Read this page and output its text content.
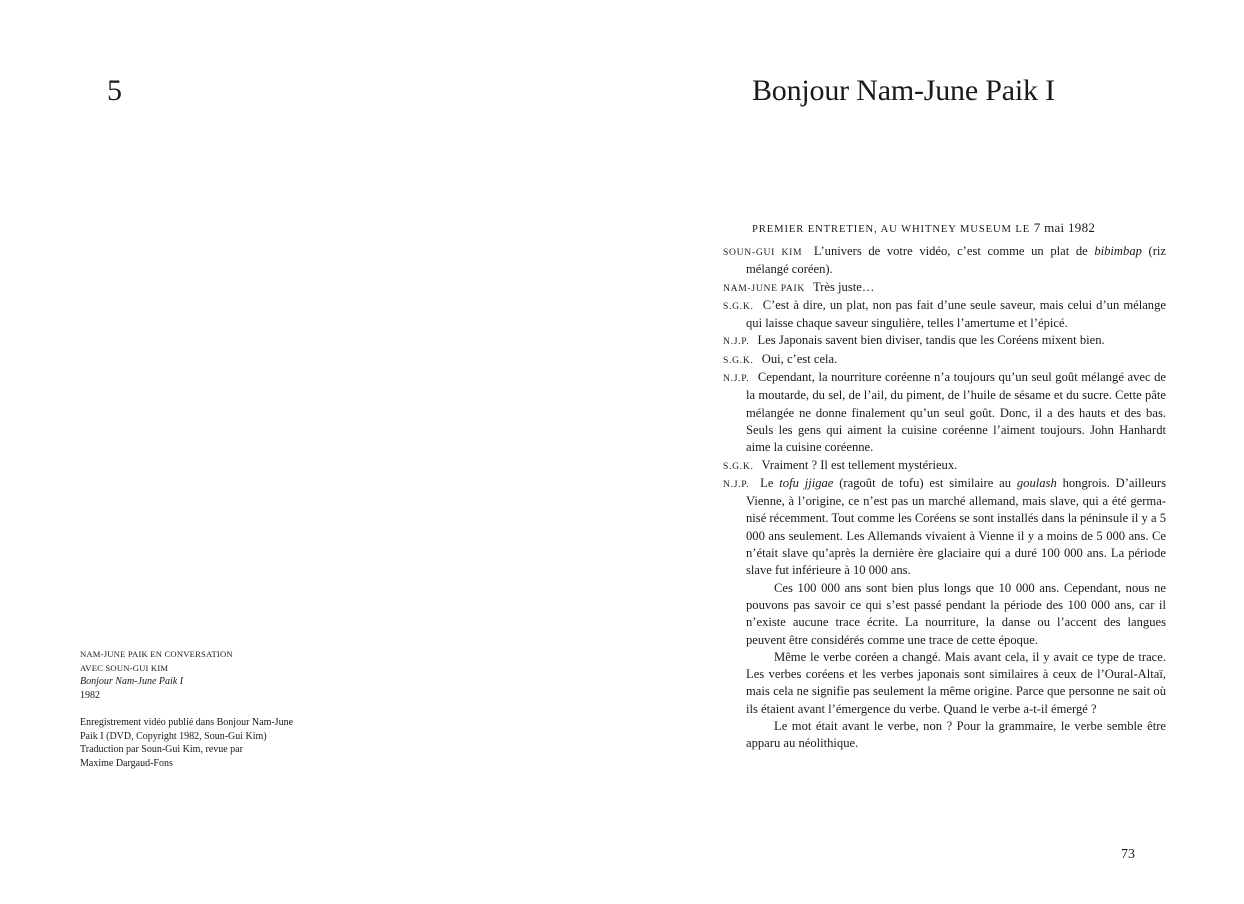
5	Bonjour Nam-June Paik I
NAM-JUNE PAIK EN CONVERSATION
AVEC SOUN-GUI KIM
Bonjour Nam-June Paik I
1982
Enregistrement vidéo publié dans Bonjour Nam-June
Paik I (DVD, Copyright 1982, Soun-Gui Kim)
Traduction par Soun-Gui Kim, revue par
Maxime Dargaud-Fons
PREMIER ENTRETIEN, AU WHITNEY MUSEUM LE 7 mai 1982

SOUN-GUI KIM L’univers de votre vidéo, c’est comme un plat de bibimbap (riz mélangé coréen).

NAM-JUNE PAIK Très juste…

S.G.K. C’est à dire, un plat, non pas fait d’une seule saveur, mais celui d’un mélange qui laisse chaque saveur singulière, telles l’amertume et l’épicé.

N.J.P. Les Japonais savent bien diviser, tandis que les Coréens mixent bien.

S.G.K. Oui, c’est cela.

N.J.P. Cependant, la nourriture coréenne n’a toujours qu’un seul goût mélangé avec de la moutarde, du sel, de l’ail, du piment, de l’huile de sésame et du sucre. Cette pâte mélangée ne donne finalement qu’un seul goût. Donc, il a des hauts et des bas. Seuls les gens qui aiment la cuisine coréenne l’aiment toujours. John Hanhardt aime la cuisine coréenne.

S.G.K. Vraiment ? Il est tellement mystérieux.

N.J.P. Le tofu jjigae (ragoût de tofu) est similaire au goulash hongrois. D’ailleurs Vienne, à l’origine, ce n’est pas un marché allemand, mais slave, qui a été germanisé récemment. Tout comme les Coréens se sont installés dans la péninsule il y a 5 000 ans seulement. Les Allemands vivaient à Vienne il y a moins de 5 000 ans. Ce n’était slave qu’après la dernière ère glaciaire qui a duré 100 000 ans. La période slave fut inférieure à 10 000 ans.

Ces 100 000 ans sont bien plus longs que 10 000 ans. Cependant, nous ne pouvons pas savoir ce qui s’est passé pendant la période des 100 000 ans, car il n’existe aucune trace écrite. La nourriture, la danse ou l’accent des langues peuvent être considérés comme une trace de cette époque.

Même le verbe coréen a changé. Mais avant cela, il y avait ce type de trace. Les verbes coréens et les verbes japonais sont similaires à ceux de l’Oural-Altaï, mais cela ne signifie pas seulement la même origine. Parce que personne ne sait où ils étaient avant l’émergence du verbe. Quand le verbe a-t-il émergé ?

Le mot était avant le verbe, non ? Pour la grammaire, le verbe semble être apparu au néolithique.

73
